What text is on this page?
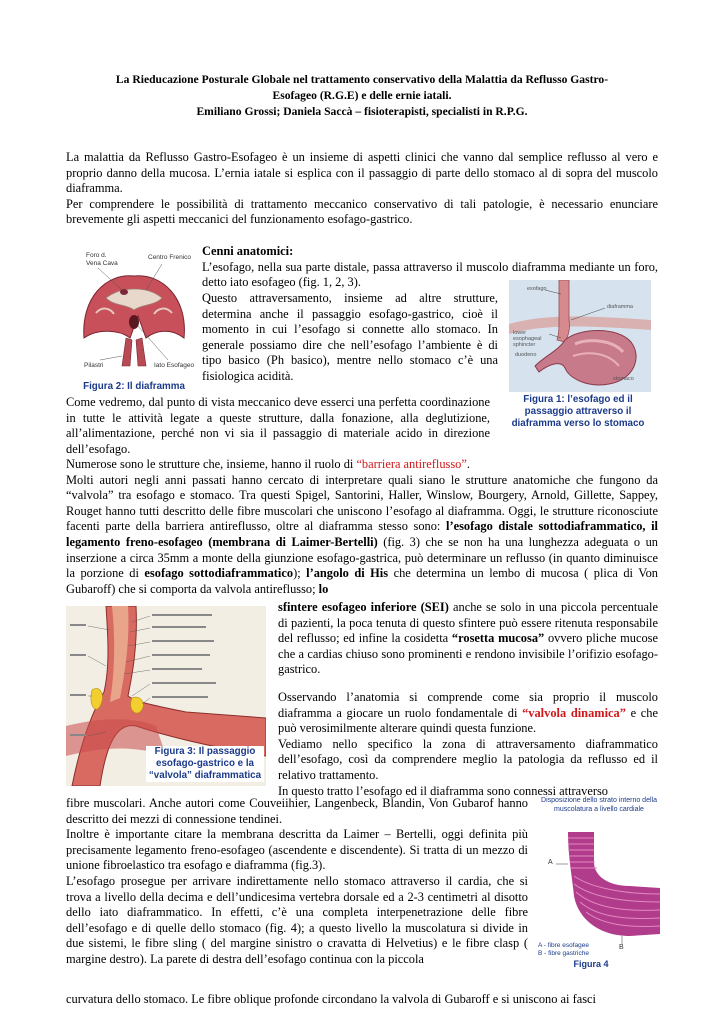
La Rieducazione Posturale Globale nel trattamento conservativo della Malattia da Reflusso Gastro-
Esofageo (R.G.E) e delle ernie iatali.
Emiliano Grossi; Daniela Saccà – fisioterapisti, specialisti in R.P.G.

La malattia da Reflusso Gastro-Esofageo è un insieme di aspetti clinici che vanno dal semplice reflusso al vero e proprio danno della mucosa. L’ernia iatale si esplica con il passaggio di parte dello stomaco al di sopra del muscolo diaframma.

Per comprendere le possibilità di trattamento meccanico conservativo di tali patologie, è necessario enunciare brevemente gli aspetti meccanici del funzionamento esofago-gastrico.

Foro d.
Vena Cava
Centro Frenico
Pilastri	Iato Esofageo
Figura 2: Il diaframma
Cenni anatomici:

L’esofago, nella sua parte distale, passa attraverso il muscolo diaframma mediante un foro, detto iato esofageo (fig. 1, 2, 3).

Questo attraversamento, insieme ad altre strutture, determina anche il passaggio esofago-gastrico, cioè il momento in cui l’esofago si connette allo stomaco. In generale possiamo dire che nell’esofago l’ambiente è di tipo basico (Ph basico), mentre nello stomaco c’è una fisiologica acidità.

esofago
diaframma
lower esophageal sphincter
duodeno
stomaco
Figura 1: l’esofago ed il passaggio attraverso il diaframma verso lo stomaco

Come vedremo, dal punto di vista meccanico deve esserci una perfetta coordinazione in tutte le attività legate a queste strutture, dalla fonazione, alla deglutizione, all’alimentazione, perché non vi sia il passaggio di materiale acido in direzione dell’esofago.

Numerose sono le strutture che, insieme, hanno il ruolo di “barriera antireflusso”.

Molti autori negli anni passati hanno cercato di interpretare quali siano le strutture anatomiche che fungono da “valvola” tra esofago e stomaco. Tra questi Spigel, Santorini, Haller, Winslow, Bourgery, Arnold, Gillette, Sappey, Rouget hanno tutti descritto delle fibre muscolari che uniscono l’esofago al diaframma. Oggi, le strutture riconosciute facenti parte della barriera antireflusso, oltre al diaframma stesso sono: l’esofago distale sottodiaframmatico, il legamento freno-esofageo (membrana di Laimer-Bertelli) (fig. 3) che se non ha una lunghezza adeguata o un inserzione a circa 35mm a monte della giunzione esofago-gastrica, può determinare un reflusso (in quanto diminuisce la porzione di esofago sottodiaframmatico); l’angolo di His che determina un lembo di mucosa ( plica di Von Gubaroff) che si comporta da valvola antireflusso; lo

Figura 3: Il passaggio esofago-gastrico e la “valvola” diaframmatica

sfintere esofageo inferiore (SEI) anche se solo in una piccola percentuale di pazienti, la poca tenuta di questo sfintere può essere ritenuta responsabile del reflusso; ed infine la cosidetta “rosetta mucosa” ovvero pliche mucose che a cardias chiuso sono prominenti e rendono invisibile l’orifizio esofago-gastrico.

Osservando l’anatomia si comprende come sia proprio il muscolo diaframma a giocare un ruolo fondamentale di “valvola dinamica” e che può verosimilmente alterare quindi questa funzione.

Vediamo nello specifico la zona di attraversamento diaframmatico dell’esofago, così da comprendere meglio la patologia da reflusso ed il relativo trattamento.

In questo tratto l’esofago ed il diaframma sono connessi attraverso

Disposizione dello strato interno della muscolatura a livello cardiale
A
B
A - fibre esofagee
B - fibre gastriche
Figura 4

fibre muscolari. Anche autori come Couveiihier, Langenbeck, Blandin, Von Gubarof hanno descritto dei mezzi di connessione tendinei.

Inoltre è importante citare la membrana descritta da Laimer – Bertelli, oggi definita più precisamente legamento freno-esofageo (ascendente e discendente). Si tratta di un mezzo di unione fibroelastico tra esofago e diaframma (fig.3).

L’esofago prosegue per arrivare indirettamente nello stomaco attraverso il cardia, che si trova a livello della decima e dell’undicesima vertebra dorsale ed a 2-3 centimetri al disotto dello iato diaframmatico. In effetti, c’è una completa interpenetrazione delle fibre dell’esofago e di quelle dello stomaco (fig. 4); a questo livello la muscolatura si divide in due sistemi, le fibre sling ( del margine sinistro o cravatta di Helvetius) e le fibre clasp ( margine destro). La parete di destra dell’esofago continua con la piccola

curvatura dello stomaco. Le fibre oblique profonde circondano la valvola di Gubaroff e si uniscono ai fasci
